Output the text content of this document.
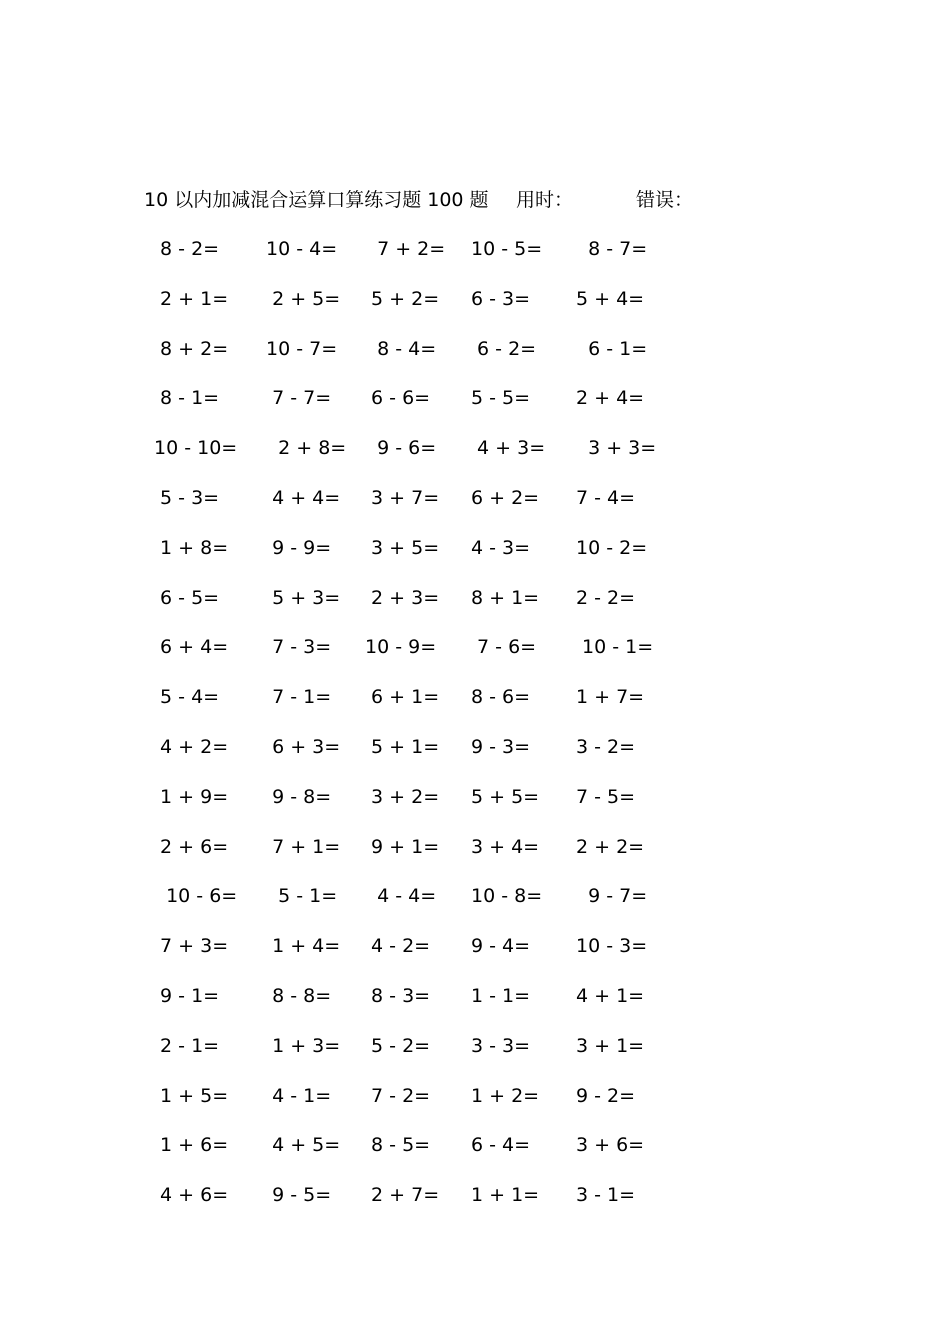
10 以内加减混合运算口算练习题 100 题 用时：	错误：
8 - 2= 10 - 4= 7 + 2= 10 - 5= 8 - 7=
2 + 1= 2 + 5= 5 + 2= 6 - 3= 5 + 4=
8 + 2= 10 - 7= 8 - 4= 6 - 2= 6 - 1=
8 - 1= 7 - 7= 6 - 6= 5 - 5= 2 + 4=
10 - 10= 2 + 8= 9 - 6= 4 + 3= 3 + 3=
5 - 3= 4 + 4= 3 + 7= 6 + 2= 7 - 4=
1 + 8= 9 - 9= 3 + 5= 4 - 3= 10 - 2=
6 - 5= 5 + 3= 2 + 3= 8 + 1= 2 - 2=
6 + 4= 7 - 3= 10 - 9= 7 - 6= 10 - 1=
5 - 4= 7 - 1= 6 + 1= 8 - 6= 1 + 7=
4 + 2= 6 + 3= 5 + 1= 9 - 3= 3 - 2=
1 + 9= 9 - 8= 3 + 2= 5 + 5= 7 - 5=
2 + 6= 7 + 1= 9 + 1= 3 + 4= 2 + 2=
10 - 6= 5 - 1= 4 - 4= 10 - 8= 9 - 7=
7 + 3= 1 + 4= 4 - 2= 9 - 4= 10 - 3=
9 - 1= 8 - 8= 8 - 3= 1 - 1= 4 + 1=
2 - 1= 1 + 3= 5 - 2= 3 - 3= 3 + 1=
1 + 5= 4 - 1= 7 - 2= 1 + 2= 9 - 2=
1 + 6= 4 + 5= 8 - 5= 6 - 4= 3 + 6=
4 + 6= 9 - 5= 2 + 7= 1 + 1= 3 - 1=
